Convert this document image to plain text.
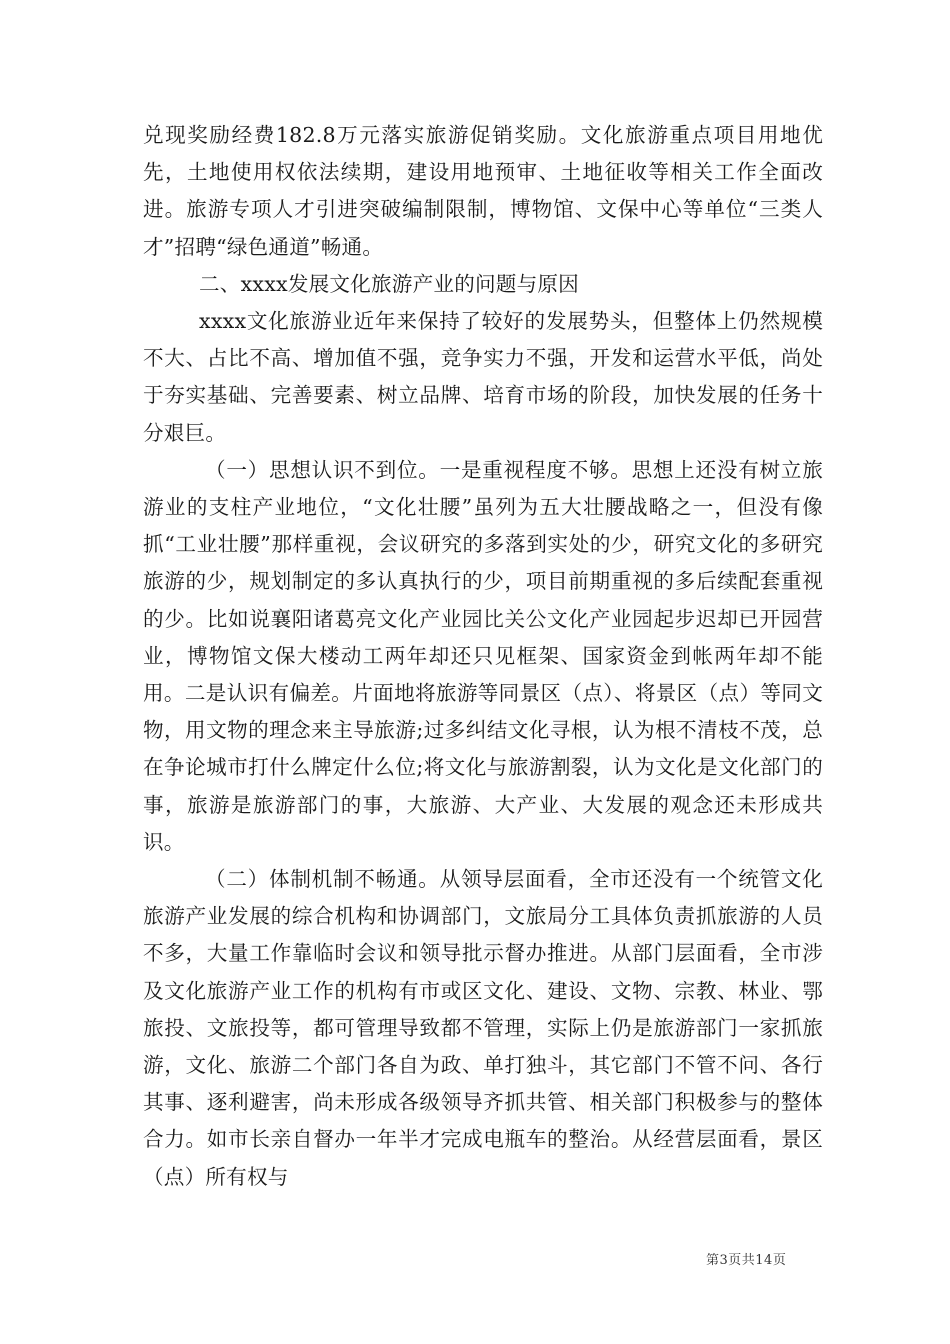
兑现奖励经费182.8万元落实旅游促销奖励。文化旅游重点项目用地优先，土地使用权依法续期，建设用地预审、土地征收等相关工作全面改进。旅游专项人才引进突破编制限制，博物馆、文保中心等单位“三类人才”招聘“绿色通道”畅通。

二、xxxx发展文化旅游产业的问题与原因

xxxx文化旅游业近年来保持了较好的发展势头，但整体上仍然规模不大、占比不高、增加值不强，竞争实力不强，开发和运营水平低，尚处于夯实基础、完善要素、树立品牌、培育市场的阶段，加快发展的任务十分艰巨。

（一）思想认识不到位。一是重视程度不够。思想上还没有树立旅游业的支柱产业地位，“文化壮腰”虽列为五大壮腰战略之一，但没有像抓“工业壮腰”那样重视，会议研究的多落到实处的少，研究文化的多研究旅游的少，规划制定的多认真执行的少，项目前期重视的多后续配套重视的少。比如说襄阳诸葛亮文化产业园比关公文化产业园起步迟却已开园营业，博物馆文保大楼动工两年却还只见框架、国家资金到帐两年却不能用。二是认识有偏差。片面地将旅游等同景区（点）、将景区（点）等同文物，用文物的理念来主导旅游;过多纠结文化寻根，认为根不清枝不茂，总在争论城市打什么牌定什么位;将文化与旅游割裂，认为文化是文化部门的事，旅游是旅游部门的事，大旅游、大产业、大发展的观念还未形成共识。

（二）体制机制不畅通。从领导层面看，全市还没有一个统管文化旅游产业发展的综合机构和协调部门，文旅局分工具体负责抓旅游的人员不多，大量工作靠临时会议和领导批示督办推进。从部门层面看，全市涉及文化旅游产业工作的机构有市或区文化、建设、文物、宗教、林业、鄂旅投、文旅投等，都可管理导致都不管理，实际上仍是旅游部门一家抓旅游，文化、旅游二个部门各自为政、单打独斗，其它部门不管不问、各行其事、逐利避害，尚未形成各级领导齐抓共管、相关部门积极参与的整体合力。如市长亲自督办一年半才完成电瓶车的整治。从经营层面看，景区（点）所有权与

第3页共14页
